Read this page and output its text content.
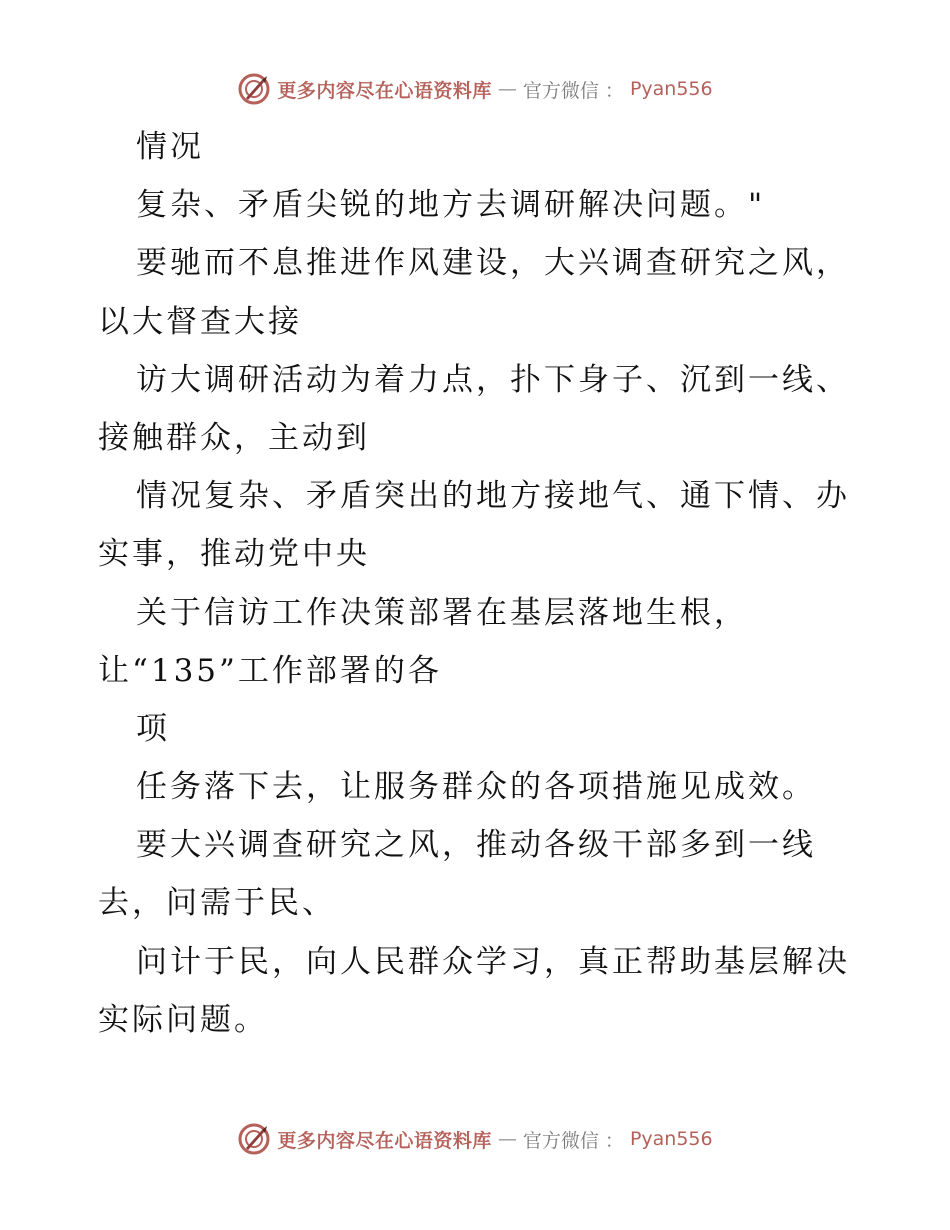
更多内容尽在心语资料库 — 官方微信 ： Pyan556
情况
复杂、矛盾尖锐的地方去调研解决问题。"
要驰而不息推进作风建设，大兴调查研究之风，
以大督查大接
访大调研活动为着力点，扑下身子、沉到一线、
接触群众，主动到
情况复杂、矛盾突出的地方接地气、通下情、办
实事，推动党中央
关于信访工作决策部署在基层落地生根，
让“135”工作部署的各
项
任务落下去，让服务群众的各项措施见成效。
要大兴调查研究之风，推动各级干部多到一线
去，问需于民、
问计于民，向人民群众学习，真正帮助基层解决
实际问题。
更多内容尽在心语资料库 — 官方微信 ： Pyan556
